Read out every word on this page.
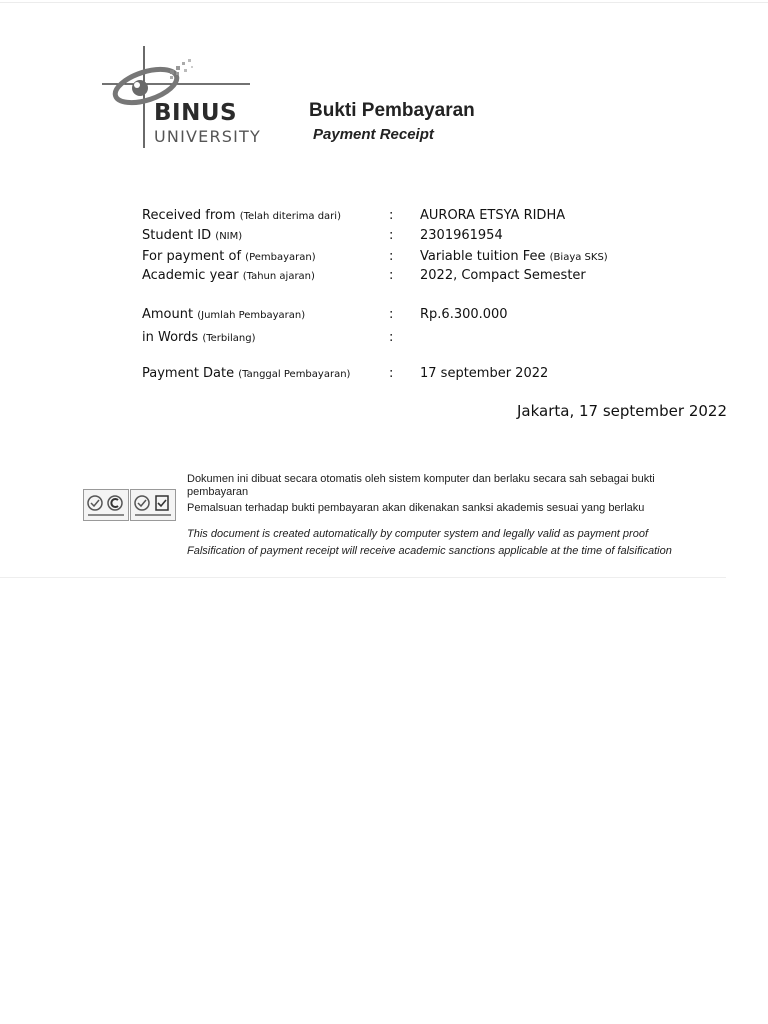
BINUS
UNIVERSITY
Bukti Pembayaran
Payment Receipt
Received from (Telah diterima dari)	: AURORA ETSYA RIDHA
Student ID (NIM)	: 2301961954
For payment of (Pembayaran)	: Variable tuition Fee (Biaya SKS)
Academic year (Tahun ajaran)	: 2022, Compact Semester
Amount (Jumlah Pembayaran)	: Rp.6.300.000
in Words (Terbilang)	:
Payment Date (Tanggal Pembayaran)	: 17 september 2022
Jakarta, 17 september 2022
Dokumen ini dibuat secara otomatis oleh sistem komputer dan berlaku secara sah sebagai bukti
pembayaran
Pemalsuan terhadap bukti pembayaran akan dikenakan sanksi akademis sesuai yang berlaku
This document is created automatically by computer system and legally valid as payment proof
Falsification of payment receipt will receive academic sanctions applicable at the time of falsification
